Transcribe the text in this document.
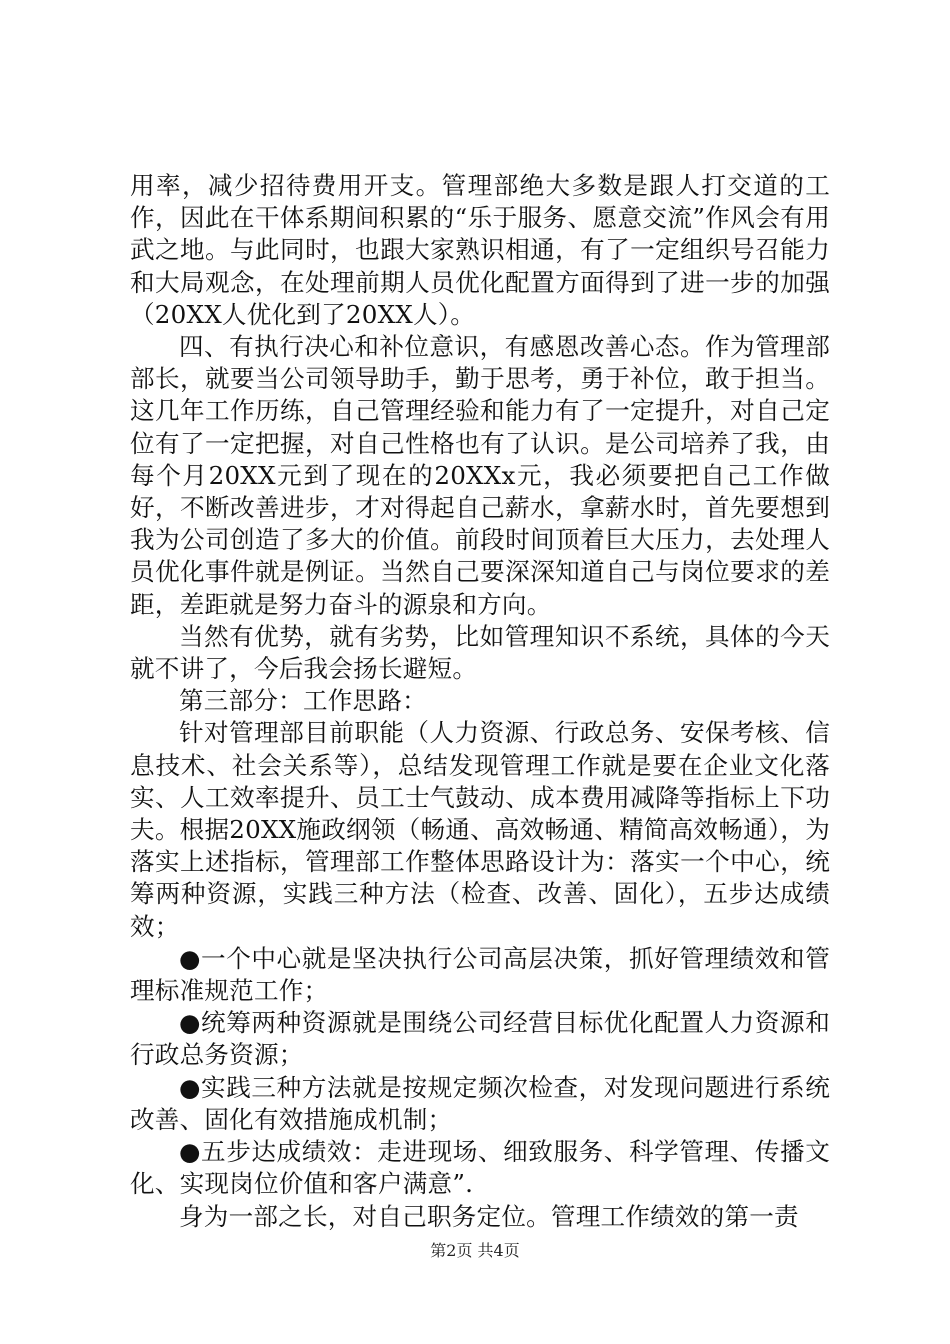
用率，减少招待费用开支。管理部绝大多数是跟人打交道的工作，因此在干体系期间积累的“乐于服务、愿意交流”作风会有用武之地。与此同时，也跟大家熟识相通，有了一定组织号召能力和大局观念，在处理前期人员优化配置方面得到了进一步的加强（20XX人优化到了20XX人）。

四、有执行决心和补位意识，有感恩改善心态。作为管理部部长，就要当公司领导助手，勤于思考，勇于补位，敢于担当。这几年工作历练，自己管理经验和能力有了一定提升，对自己定位有了一定把握，对自己性格也有了认识。是公司培养了我，由每个月20XX元到了现在的20XXx元，我必须要把自己工作做好，不断改善进步，才对得起自己薪水，拿薪水时，首先要想到我为公司创造了多大的价值。前段时间顶着巨大压力，去处理人员优化事件就是例证。当然自己要深深知道自己与岗位要求的差距，差距就是努力奋斗的源泉和方向。

当然有优势，就有劣势，比如管理知识不系统，具体的今天就不讲了，今后我会扬长避短。

第三部分：工作思路：

针对管理部目前职能（人力资源、行政总务、安保考核、信息技术、社会关系等），总结发现管理工作就是要在企业文化落实、人工效率提升、员工士气鼓动、成本费用减降等指标上下功夫。根据20XX施政纲领（畅通、高效畅通、精简高效畅通），为落实上述指标，管理部工作整体思路设计为：落实一个中心，统筹两种资源，实践三种方法（检查、改善、固化），五步达成绩效；

●一个中心就是坚决执行公司高层决策，抓好管理绩效和管理标准规范工作；

●统筹两种资源就是围绕公司经营目标优化配置人力资源和行政总务资源；

●实践三种方法就是按规定频次检查，对发现问题进行系统改善、固化有效措施成机制；

●五步达成绩效：走进现场、细致服务、科学管理、传播文化、实现岗位价值和客户满意”.

身为一部之长，对自己职务定位。管理工作绩效的第一责

第2页 共4页
